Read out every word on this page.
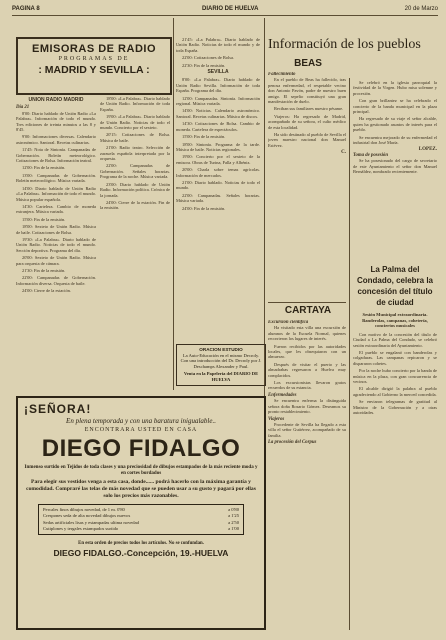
PAGINA 8	DIARIO DE HUELVA	20 de Marzo
EMISORAS DE RADIO
PROGRAMAS DE
: MADRID Y SEVILLA :
UNION RADIO MADRID
Día 21

8'00: Diario hablado de Unión Radio «La Palabra». Información de todo el mundo. Tres ediciones de treinta minutos a las 8 y 8'45.

9'00: Informaciones diversas. Calendario astronómico. Santoral. Recetas culinarias.

11'45: Nota de Sintonía. Campanadas de Gobernación. Boletín meteorológico. Cotizaciones de Bolsa. Información teatral.

12'00: Fin de la emisión.

13'00: Campanadas de Gobernación. Boletín meteorológico. Música variada.

14'00: Diario hablado de Unión Radio «La Palabra». Información de todo el mundo. Música popular española.

14'30: Cartelera. Cambio de moneda extranjera. Música variada.

15'00: Fin de la emisión.

18'00: Sexteto de Unión Radio. Música de baile. Cotizaciones de Bolsa.

19'30: «La Palabra». Diario hablado de Unión Radio. Noticias de todo el mundo. Sección deportiva. Programa del día.

20'00: Sexteto de Unión Radio. Música para orquesta de cámara.

21'30: Fin de la emisión.

22'00: Campanadas de Gobernación. Información diversa. Orquesta de baile.

24'00: Cierre de la estación.

18'00: «La Palabra». Diario hablado de Unión Radio. Información de toda España.

19'00: «La Palabra». Diario hablado de Unión Radio. Noticias de todo el mundo. Concierto por el sexteto.

20'15: Cotizaciones de Bolsa. Música de baile.

21'00: Radio teatro. Selección de zarzuela española interpretada por la orquesta.

22'00: Campanadas de Gobernación. Señales horarias. Programa de la noche. Música variada.

23'00: Diario hablado de Unión Radio. Información política. Crónica de la jornada.

24'00: Cierre de la estación. Fin de la emisión.

21'45: «La Palabra». Diario hablado de Unión Radio. Noticias de todo el mundo y de toda España.

22'00: Cotizaciones de Bolsa.

22'30: Fin de la emisión.

SEVILLA

8'00: «La Palabra». Diario hablado de Unión Radio Sevilla. Información de toda España. Programa del día.

12'00: Campanadas. Sintonía. Información regional. Música variada.

14'00: Noticias. Calendario astronómico. Santoral. Recetas culinarias. Música de discos.

14'30: Cotizaciones de Bolsa. Cambio de moneda. Cartelera de espectáculos.

15'00: Fin de la emisión.

18'00: Sintonía. Programa de la tarde. Música de baile. Noticias regionales.

19'00: Concierto por el sexteto de la emisora. Obras de Turina, Falla y Albéniz.

20'00: Charla sobre temas agrícolas. Información de mercados.

21'00: Diario hablado. Noticias de todo el mundo.

22'00: Campanadas. Señales horarias. Música variada.

24'00: Fin de la emisión.

ORACION ESTUDIO
La Auto-Educación en el mismo Decroly. Con una introducción del Dr. Decroly por J. Deschamps Alexander y Paul.
Venta en la Papelería del DIARIO DE HUELVA
Información de los pueblos
BEAS
Fallecimiento

En el pueblo de Beas ha fallecido, tras penosa enfermedad, el respetable vecino don Antonio Pavón, padre de nuestro buen amigo. El sepelio constituyó una gran manifestación de duelo.

Reciban sus familiares nuestro pésame.

Viajeros: Ha regresado de Madrid, acompañado de su señora, el culto médico de esta localidad.

Ha sido destinado al pueblo de Sevilla el joven maestro nacional don Manuel Estévez.

C.

Se celebró en la iglesia parroquial la festividad de la Virgen. Hubo misa solemne y procesión.

Con gran brillantez se ha celebrado el concierto de la banda municipal en la plaza principal.

Ha regresado de su viaje el señor alcalde, quien ha gestionado asuntos de interés para el pueblo.

Se encuentra mejorado de su enfermedad el industrial don José María.

LOPEZ.
Toma de posesión

Se ha posesionado del cargo de secretario de este Ayuntamiento el señor don Manuel Bernáldez, nombrado recientemente.

La Palma del Condado, celebra la concesión del título de ciudad
Sesión Municipal extraordinaria. Banderolas, campanas, cohetería, conciertos musicales

Con motivo de la concesión del título de Ciudad a La Palma del Condado, se celebró sesión extraordinaria del Ayuntamiento.

El pueblo se engalanó con banderolas y colgaduras. Las campanas repicaron y se dispararon cohetes.

Por la noche hubo concierto por la banda de música en la plaza, con gran concurrencia de vecinos.

El alcalde dirigió la palabra al pueblo agradeciendo al Gobierno la merced concedida.

Se enviaron telegramas de gratitud al Ministro de la Gobernación y a otras autoridades.

CARTAYA
Excursión científica

Ha visitado esta villa una excursión de alumnos de la Escuela Normal, quienes recorrieron los lugares de interés.

Fueron recibidos por las autoridades locales, que les obsequiaron con un almuerzo.

Después de visitar el puerto y las almadrabas regresaron a Huelva muy complacidos.

Los excursionistas llevaron gratos recuerdos de su estancia.

Enfermedades

Se encuentra enferma la distinguida señora doña Rosario Gómez. Deseamos su pronto restablecimiento.

Viajeros

Procedente de Sevilla ha llegado a esta villa el señor Gutiérrez, acompañado de su familia.

La procesión del Corpus
¡SEÑORA!
En plena temporada y con una baratura inigualable..
ENCONTRARA USTED EN CASA
DIEGO FIDALGO
Inmenso surtido en Tejidos de toda clases y una preciosidad de dibujos estampados de la más reciente moda y en cortes bordados
Para elegir sus vestidos venga a esta casa, donde...... podrá hacerlo con la máxima garantía y comodidad. Compraré las telas de más novedad que se pueden usar a su gusto y pagará por ellas solo los precios más razonables.
Percales finos dibujos novedad, de 1 m. 0'80	a 0'80
Crespones seda de alta novedad dibujos nuevos	a 1'25
Sedas artificiales lisas y estampadas ultima novedad	a 2'50
Cutiplones y tergales estampados surtido	a 1'00
En esta orden de precios todos los artículos. No se confundan.
DIEGO FIDALGO.-Concepción, 19.-HUELVA
